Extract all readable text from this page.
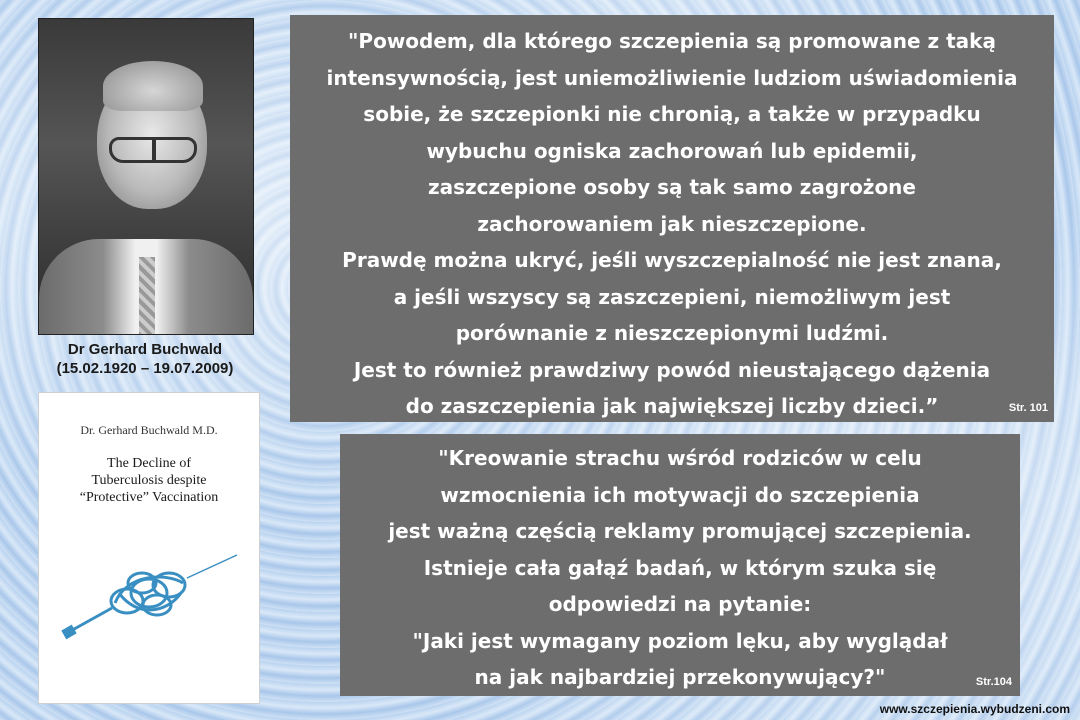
Dr Gerhard Buchwald
(15.02.1920 – 19.07.2009)
Dr. Gerhard Buchwald M.D.
The Decline of
Tuberculosis despite
“Protective” Vaccination
"Powodem, dla którego szczepienia są promowane z taką
intensywnością, jest uniemożliwienie ludziom uświadomienia
sobie, że szczepionki nie chronią, a także w przypadku
wybuchu ogniska zachorowań lub epidemii,
zaszczepione osoby są tak samo zagrożone
zachorowaniem jak nieszczepione.
Prawdę można ukryć, jeśli wyszczepialność nie jest znana,
a jeśli wszyscy są zaszczepieni, niemożliwym jest
porównanie z nieszczepionymi ludźmi.
Jest to również prawdziwy powód nieustającego dążenia
do zaszczepienia jak największej liczby dzieci.”	Str. 101
"Kreowanie strachu wśród rodziców w celu
wzmocnienia ich motywacji do szczepienia
jest ważną częścią reklamy promującej szczepienia.
Istnieje cała gałąź badań, w którym szuka się
odpowiedzi na pytanie:
"Jaki jest wymagany poziom lęku, aby wyglądał
na jak najbardziej przekonywujący?"	Str.104
www.szczepienia.wybudzeni.com
